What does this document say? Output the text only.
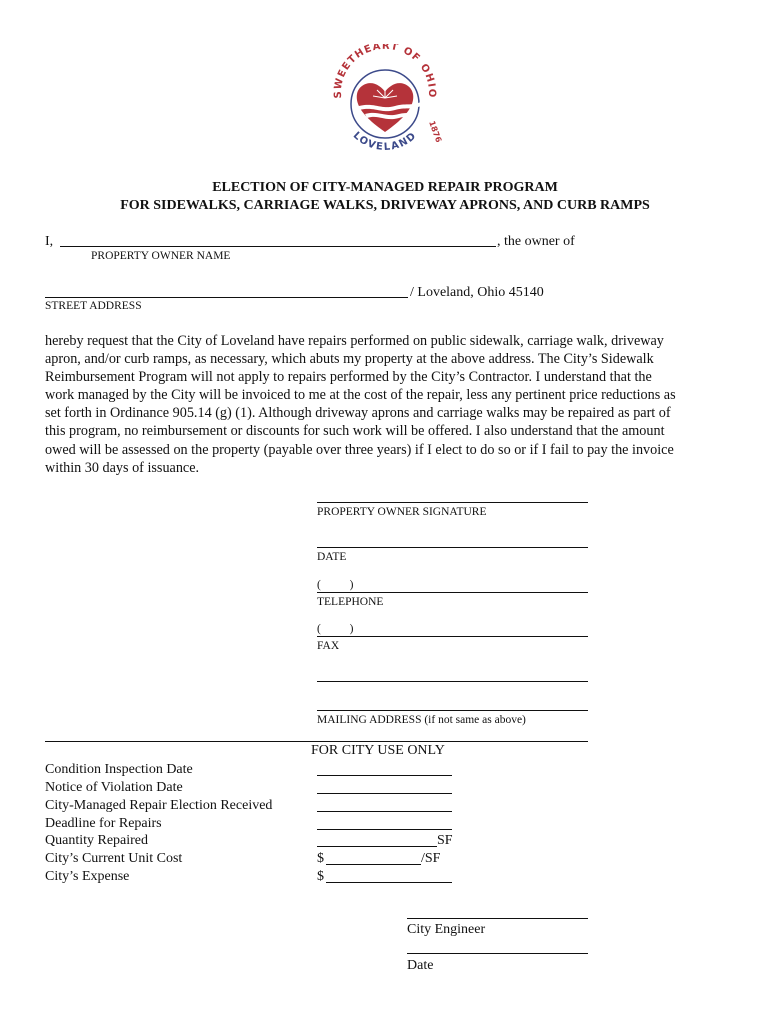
SWEETHEART OF OHIO
LOVELAND 1876
ELECTION OF CITY-MANAGED REPAIR PROGRAM
FOR SIDEWALKS, CARRIAGE WALKS, DRIVEWAY APRONS, AND CURB RAMPS
I,	, the owner of
PROPERTY OWNER NAME
/ Loveland, Ohio 45140
STREET ADDRESS
hereby request that the City of Loveland have repairs performed on public sidewalk, carriage walk, driveway
apron, and/or curb ramps, as necessary, which abuts my property at the above address. The City’s Sidewalk
Reimbursement Program will not apply to repairs performed by the City’s Contractor. I understand that the
work managed by the City will be invoiced to me at the cost of the repair, less any pertinent price reductions as
set forth in Ordinance 905.14 (g) (1). Although driveway aprons and carriage walks may be repaired as part of
this program, no reimbursement or discounts for such work will be offered. I also understand that the amount
owed will be assessed on the property (payable over three years) if I elect to do so or if I fail to pay the invoice
within 30 days of issuance.
PROPERTY OWNER SIGNATURE
DATE
(          )
TELEPHONE
(          )
FAX
MAILING ADDRESS (if not same as above)
FOR CITY USE ONLY
Condition Inspection Date
Notice of Violation Date
City-Managed Repair Election Received
Deadline for Repairs
Quantity Repaired	SF
City’s Current Unit Cost	$	/SF
City’s Expense	$
City Engineer
Date
